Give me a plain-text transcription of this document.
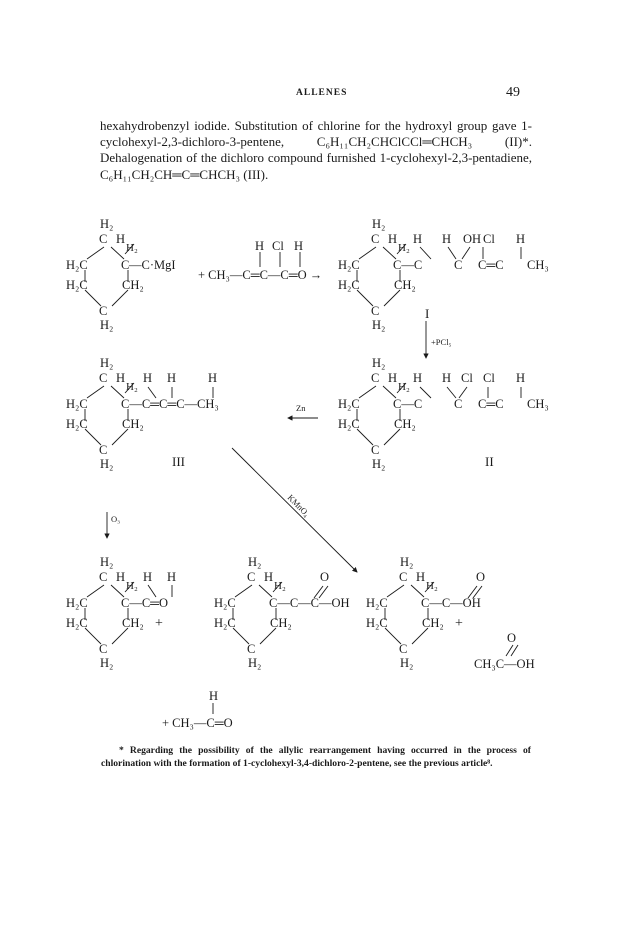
ALLENES	49

hexahydrobenzyl iodide. Substitution of chlorine for the hydroxyl group gave 1-cyclohexyl-2,3-dichloro-3-pentene, C₆H₁₁CH₂CHClCCl═CHCH₃ (II)*. Dehalogenation of the dichloro compound furnished 1-cyclohexyl-2,3-pentadiene, C₆H₁₁CH₂CH═C═CHCH₃ (III).

H₂
C H
H₂C
H₂C	CH₂
C
H₂
H₂
C —C·MgI
H Cl H
+ CH₃—C═C—C═O →
H₂
C H
H₂C
H₂C	CH₂
C
H₂
H₂
H H OH Cl H
C—C	C C═C CH₃
I
+PCl₅
H₂
C H
H₂C
H₂C	CH₂
C
H₂
H₂
H H	H
C—C═C═C—CH₃
III
Zn
H₂
C H
H₂C
H₂C	CH₂
C
H₂
H₂
H H Cl Cl H
C—C	C C═C CH₃
II
KMnO₄
O₃
H₂
C H
H₂C
H₂C	CH₂
C
H₂
H₂
H H
C—C═O
+
H₂
C H
H₂C
H₂C	CH₂
C
H₂
H₂
O
C—C—C—OH
H₂
C H
H₂C
H₂C	CH₂
C
H₂
H₂
O
C—C—OH
+
O
CH₃C—OH
H
+ CH₃—C═O

* Regarding the possibility of the allylic rearrangement having occurred in the process of chlorination with the formation of 1-cyclohexyl-3,4-dichloro-2-pentene, see the previous article⁸.
